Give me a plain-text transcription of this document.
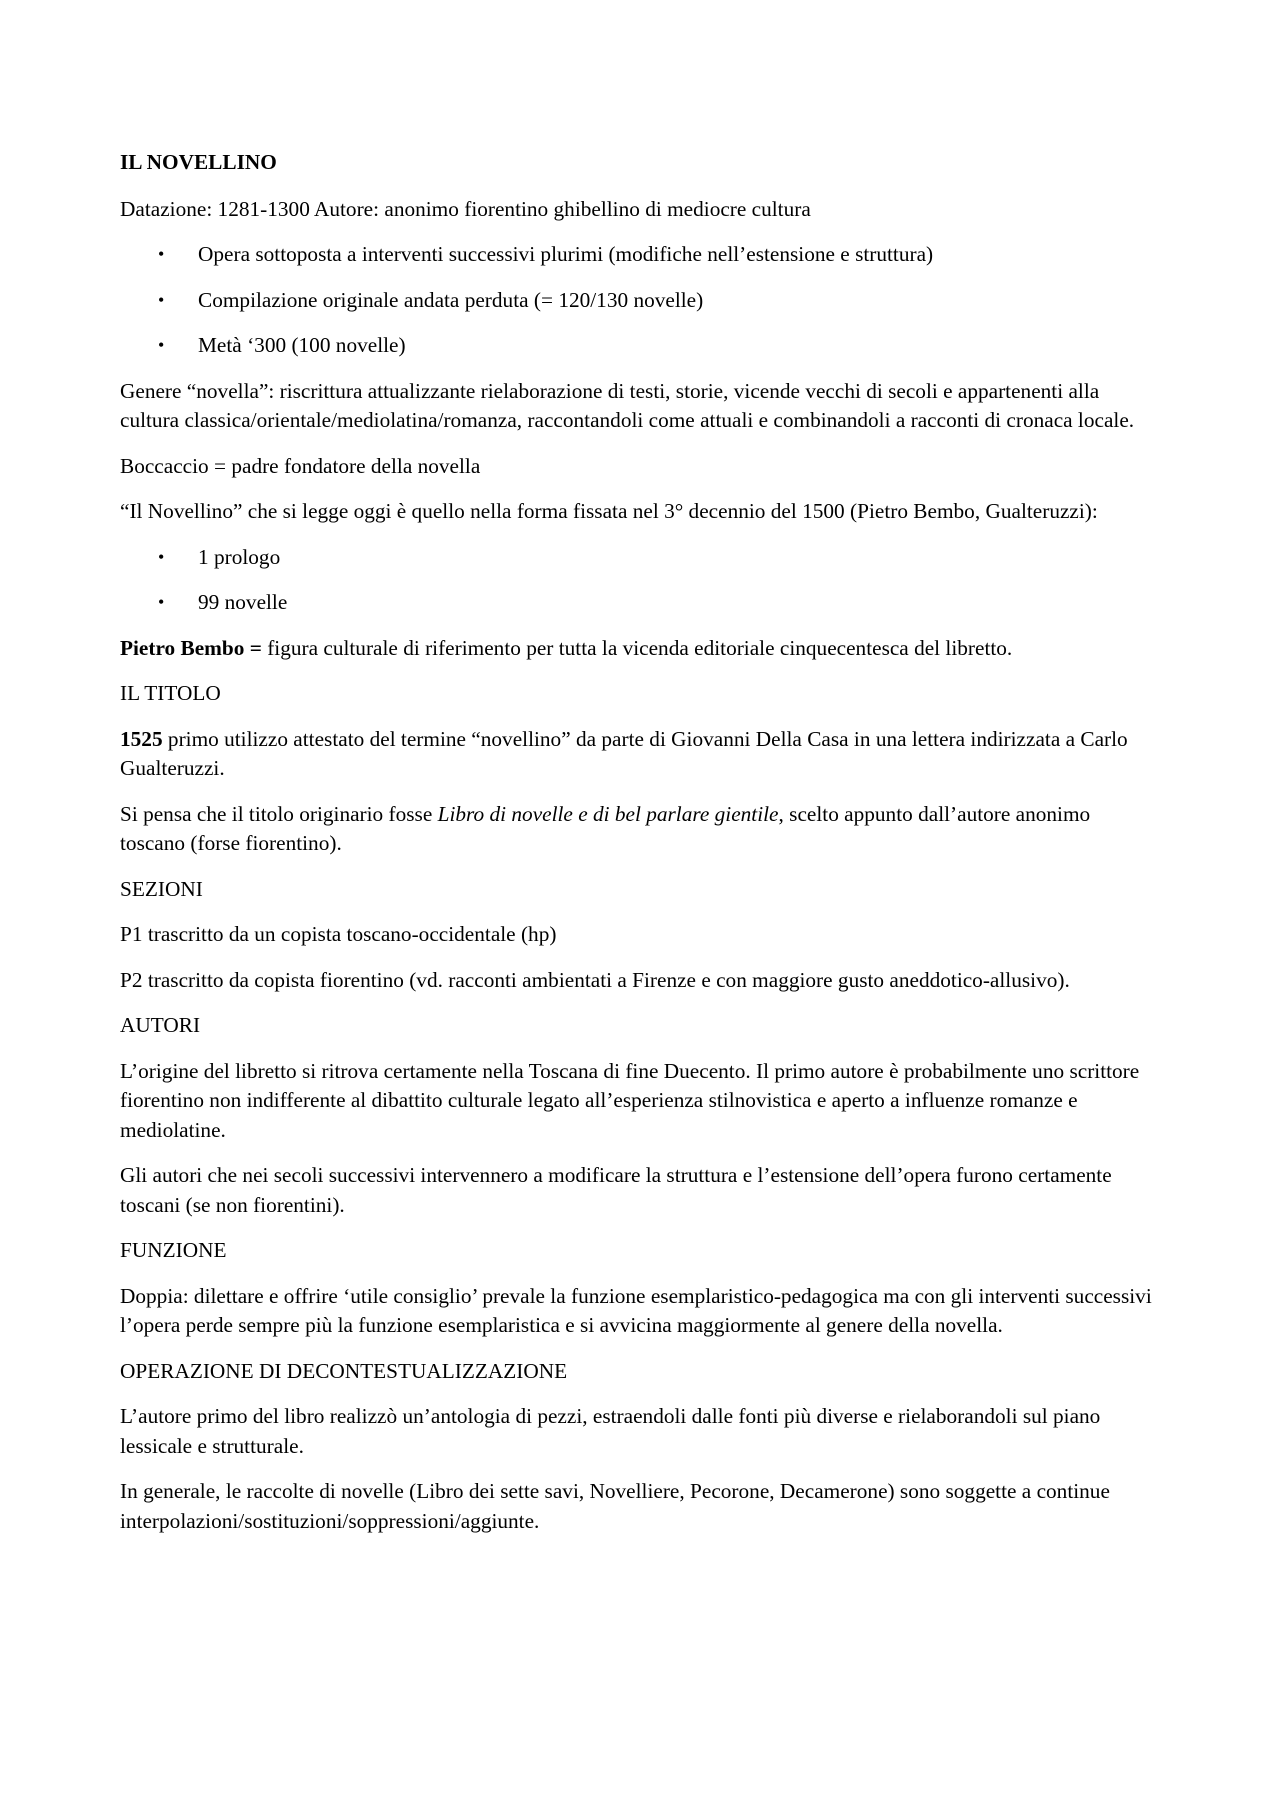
IL NOVELLINO

Datazione: 1281-1300 Autore: anonimo fiorentino ghibellino di mediocre cultura

• Opera sottoposta a interventi successivi plurimi (modifiche nell’estensione e struttura)
• Compilazione originale andata perduta (= 120/130 novelle)
• Metà ‘300 (100 novelle)

Genere “novella”: riscrittura attualizzante rielaborazione di testi, storie, vicende vecchi di secoli e appartenenti alla cultura classica/orientale/mediolatina/romanza, raccontandoli come attuali e combinandoli a racconti di cronaca locale.

Boccaccio = padre fondatore della novella

“Il Novellino” che si legge oggi è quello nella forma fissata nel 3° decennio del 1500 (Pietro Bembo, Gualteruzzi):

• 1 prologo
• 99 novelle

Pietro Bembo = figura culturale di riferimento per tutta la vicenda editoriale cinquecentesca del libretto.

IL TITOLO

1525 primo utilizzo attestato del termine “novellino” da parte di Giovanni Della Casa in una lettera indirizzata a Carlo Gualteruzzi.

Si pensa che il titolo originario fosse Libro di novelle e di bel parlare gientile, scelto appunto dall’autore anonimo toscano (forse fiorentino).

SEZIONI

P1 trascritto da un copista toscano-occidentale (hp)

P2 trascritto da copista fiorentino (vd. racconti ambientati a Firenze e con maggiore gusto aneddotico-allusivo).

AUTORI

L’origine del libretto si ritrova certamente nella Toscana di fine Duecento. Il primo autore è probabilmente uno scrittore fiorentino non indifferente al dibattito culturale legato all’esperienza stilnovistica e aperto a influenze romanze e mediolatine.

Gli autori che nei secoli successivi intervennero a modificare la struttura e l’estensione dell’opera furono certamente toscani (se non fiorentini).

FUNZIONE

Doppia: dilettare e offrire ‘utile consiglio’ prevale la funzione esemplaristico-pedagogica ma con gli interventi successivi l’opera perde sempre più la funzione esemplaristica e si avvicina maggiormente al genere della novella.

OPERAZIONE DI DECONTESTUALIZZAZIONE

L’autore primo del libro realizzò un’antologia di pezzi, estraendoli dalle fonti più diverse e rielaborandoli sul piano lessicale e strutturale.

In generale, le raccolte di novelle (Libro dei sette savi, Novelliere, Pecorone, Decamerone) sono soggette a continue interpolazioni/sostituzioni/soppressioni/aggiunte.
